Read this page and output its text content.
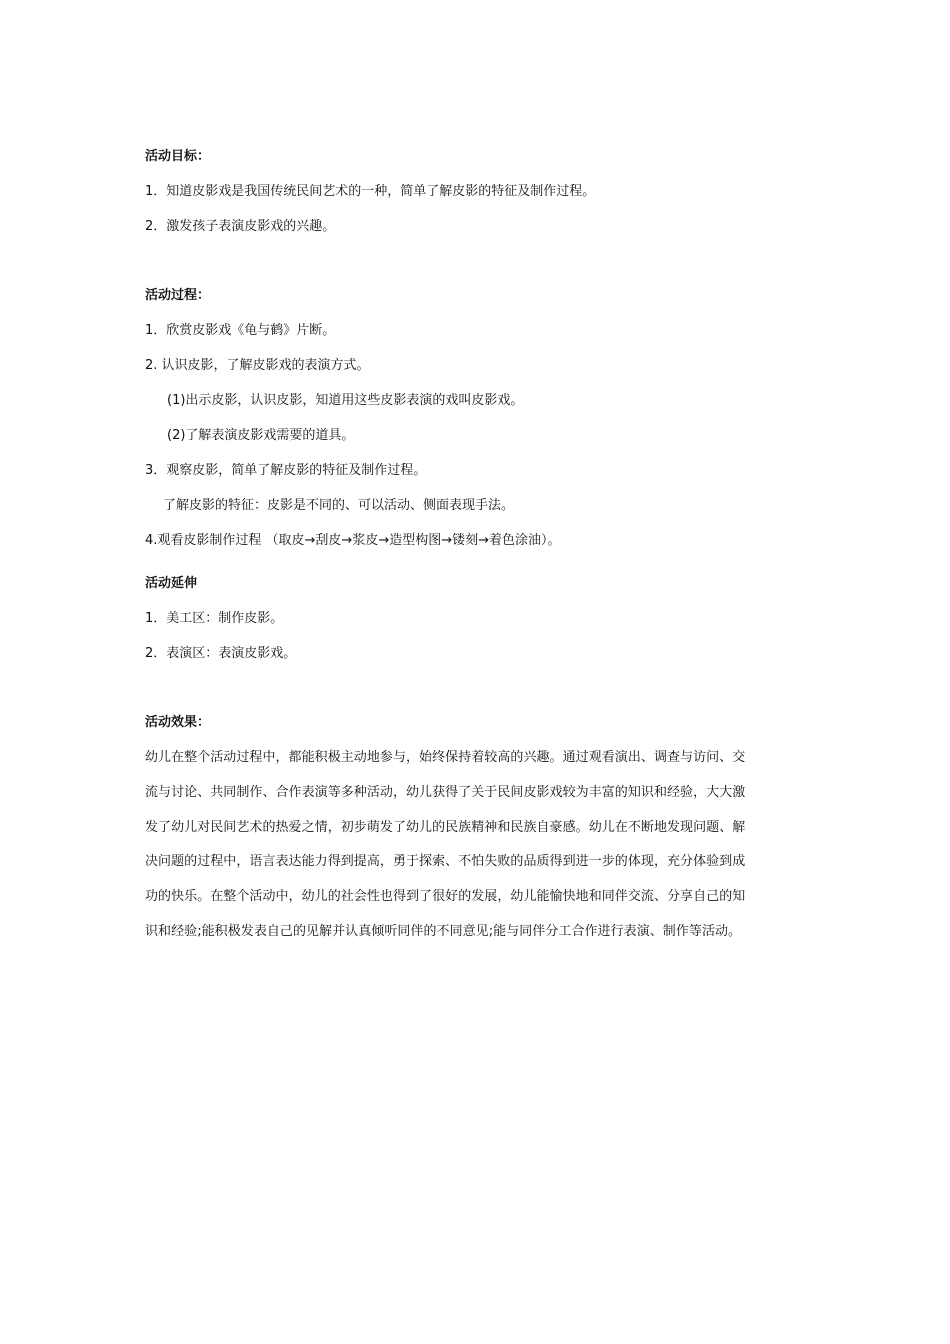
活动目标：
1．知道皮影戏是我国传统民间艺术的一种，简单了解皮影的特征及制作过程。
2．激发孩子表演皮影戏的兴趣。
活动过程：
1．欣赏皮影戏《龟与鹤》片断。
2. 认识皮影，了解皮影戏的表演方式。
(1)出示皮影，认识皮影，知道用这些皮影表演的戏叫皮影戏。
(2)了解表演皮影戏需要的道具。
3．观察皮影，简单了解皮影的特征及制作过程。
了解皮影的特征：皮影是不同的、可以活动、侧面表现手法。
4.观看皮影制作过程 （取皮→刮皮→浆皮→造型构图→镂刻→着色涂油）。
活动延伸
1．美工区：制作皮影。
2．表演区：表演皮影戏。
活动效果：
幼儿在整个活动过程中，都能积极主动地参与，始终保持着较高的兴趣。通过观看演出、调查与访问、交
流与讨论、共同制作、合作表演等多种活动，幼儿获得了关于民间皮影戏较为丰富的知识和经验，大大激
发了幼儿对民间艺术的热爱之情，初步萌发了幼儿的民族精神和民族自豪感。幼儿在不断地发现问题、解
决问题的过程中，语言表达能力得到提高，勇于探索、不怕失败的品质得到进一步的体现，充分体验到成
功的快乐。在整个活动中，幼儿的社会性也得到了很好的发展，幼儿能愉快地和同伴交流、分享自己的知
识和经验;能积极发表自己的见解并认真倾听同伴的不同意见;能与同伴分工合作进行表演、制作等活动。
